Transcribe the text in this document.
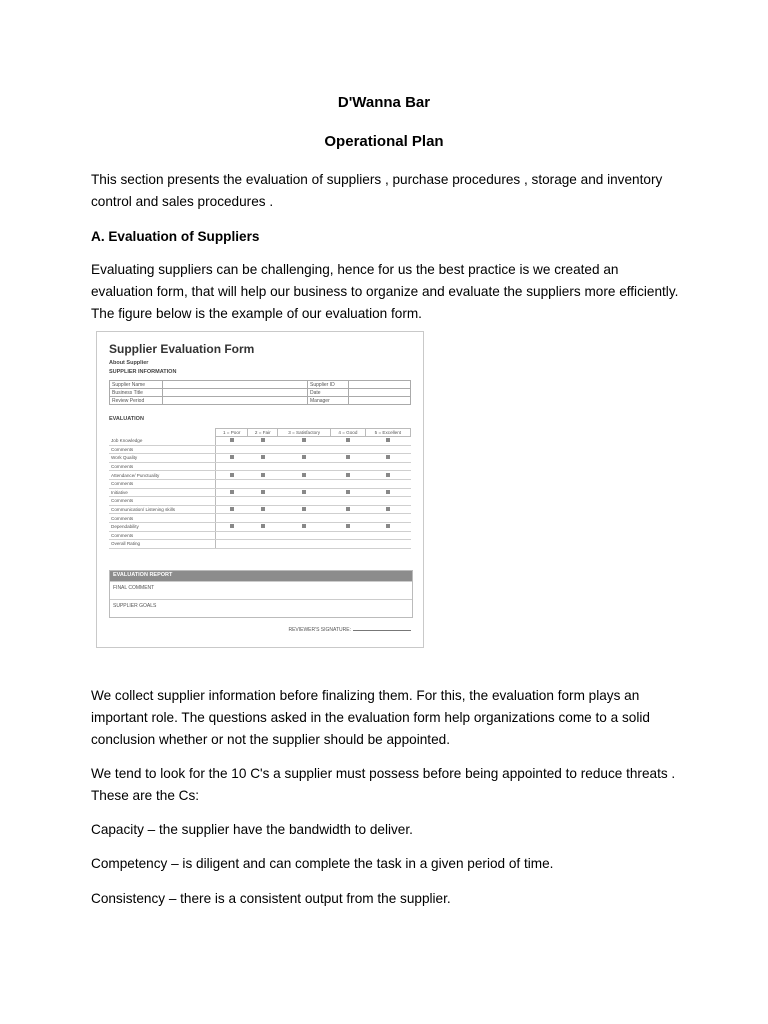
D'Wanna Bar
Operational Plan

This section presents the evaluation of suppliers , purchase procedures , storage and inventory control and sales procedures .

A. Evaluation of Suppliers

Evaluating suppliers can be challenging, hence for us the best practice is we created an evaluation form, that will help our business to organize and evaluate the suppliers more efficiently. The figure below is the example of our evaluation form.

Supplier Evaluation Form
About Supplier
SUPPLIER INFORMATION
Supplier Name		Supplier ID	
Business Title		Date	
Review Period		Manager	
EVALUATION
	1 = Poor	2 = Fair	3 = Satisfactory	4 = Good	5 = Excellent
Job Knowledge					
Comments					
Work Quality					
Comments					
Attendance/ Punctuality					
Comments					
Initiative					
Comments					
Communication/ Listening skills					
Comments					
Dependability					
Comments					
Overall Rating					
EVALUATION REPORT
FINAL COMMENT
SUPPLIER GOALS
REVIEWER'S SIGNATURE:

We collect supplier information before finalizing them. For this, the evaluation form plays an important role. The questions asked in the evaluation form help organizations come to a solid conclusion whether or not the supplier should be appointed.

We tend to look for the 10 C's a supplier must possess before being appointed to reduce threats . These are the Cs:

Capacity – the supplier have the bandwidth to deliver.

Competency – is diligent and can complete the task in a given period of time.

Consistency – there is a consistent output from the supplier.
